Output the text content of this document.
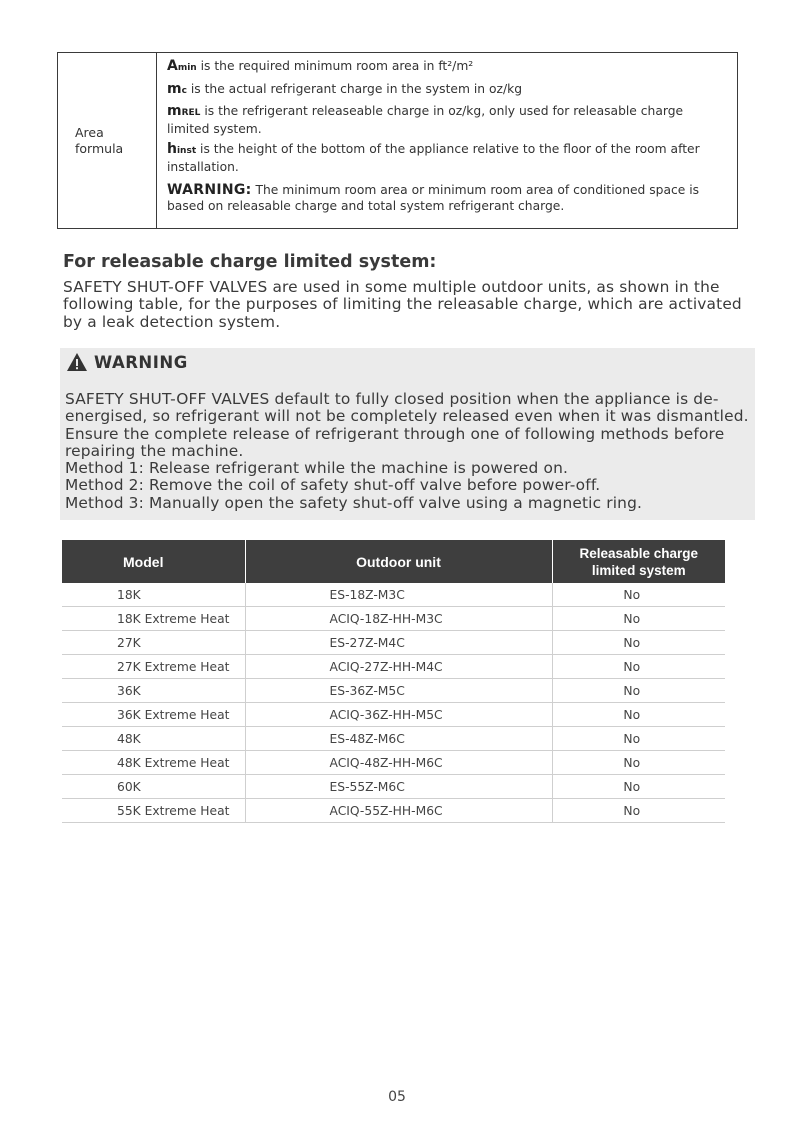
Area
formula
Amin is the required minimum room area in ft²/m²
mc is the actual refrigerant charge in the system in oz/kg
mREL is the refrigerant releaseable charge in oz/kg, only used for releasable charge limited system.
hinst is the height of the bottom of the appliance relative to the floor of the room after installation.
WARNING: The minimum room area or minimum room area of conditioned space is based on releasable charge and total system refrigerant charge.
For releasable charge limited system:

SAFETY SHUT-OFF VALVES are used in some multiple outdoor units, as shown in the following table, for the purposes of limiting the releasable charge, which are activated by a leak detection system.

WARNING
SAFETY SHUT-OFF VALVES default to fully closed position when the appliance is de-energised, so refrigerant will not be completely released even when it was dismantled. Ensure the complete release of refrigerant through one of following methods before repairing the machine.
Method 1: Release refrigerant while the machine is powered on.
Method 2: Remove the coil of safety shut-off valve before power-off.
Method 3: Manually open the safety shut-off valve using a magnetic ring.
Model	Outdoor unit	Releasable charge
limited system

18K	ES-18Z-M3C	No
18K Extreme Heat	ACIQ-18Z-HH-M3C	No
27K	ES-27Z-M4C	No
27K Extreme Heat	ACIQ-27Z-HH-M4C	No
36K	ES-36Z-M5C	No
36K Extreme Heat	ACIQ-36Z-HH-M5C	No
48K	ES-48Z-M6C	No
48K Extreme Heat	ACIQ-48Z-HH-M6C	No
60K	ES-55Z-M6C	No
55K Extreme Heat	ACIQ-55Z-HH-M6C	No
05
